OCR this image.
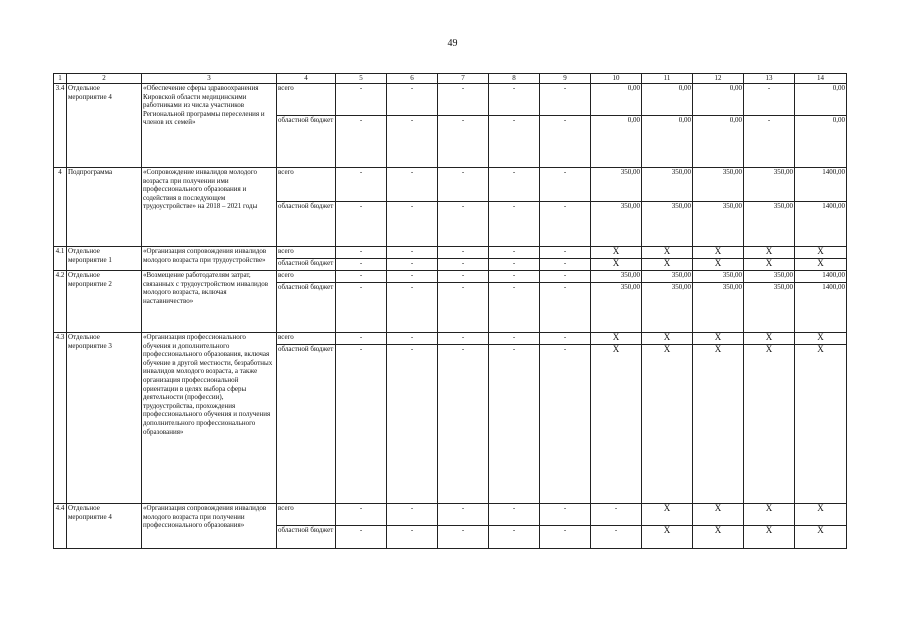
49
1	2	3	4	5	6	7	8	9	10	11	12	13	14
3.4	Отдельное мероприятие 4	«Обеспечение сферы здравоохранения Кировской области медицинскими работниками из числа участников Региональной программы переселения и членов их семей»	всего	-	-	-	-	-	0,00	0,00	0,00	-	0,00
			областной бюджет	-	-	-	-	-	0,00	0,00	0,00	-	0,00
4	Подпрограмма	«Сопровождение инвалидов молодого возраста при получении ими профессионального образования и содействия в последующем трудоустройстве» на 2018 – 2021 годы	всего	-	-	-	-	-	350,00	350,00	350,00	350,00	1400,00
			областной бюджет	-	-	-	-	-	350,00	350,00	350,00	350,00	1400,00
4.1	Отдельное мероприятие 1	«Организация сопровождения инвалидов молодого возраста при трудоустройстве»	всего	-	-	-	-	-	Х	Х	Х	Х	Х
			областной бюджет	-	-	-	-	-	Х	Х	Х	Х	Х
4.2	Отдельное мероприятие 2	«Возмещение работодателям затрат, связанных с трудоустройством инвалидов молодого возраста, включая наставничество»	всего	-	-	-	-	-	350,00	350,00	350,00	350,00	1400,00
			областной бюджет	-	-	-	-	-	350,00	350,00	350,00	350,00	1400,00
4.3	Отдельное мероприятие 3	«Организация профессионального обучения и дополнительного профессионального образования, включая обучение в другой местности, безработных инвалидов молодого возраста, а также организация профессиональной ориентации в целях выбора сферы деятельности (профессии), трудоустройства, прохождения профессионального обучения и получения дополнительного профессионального образования»	всего	-	-	-	-	-	Х	Х	Х	Х	Х
			областной бюджет	-	-	-	-	-	Х	Х	Х	Х	Х
4.4	Отдельное мероприятие 4	«Организация сопровождения инвалидов молодого возраста при получении профессионального образования»	всего	-	-	-	-	-	-	Х	Х	Х	Х
			областной бюджет	-	-	-	-	-	-	Х	Х	Х	Х
